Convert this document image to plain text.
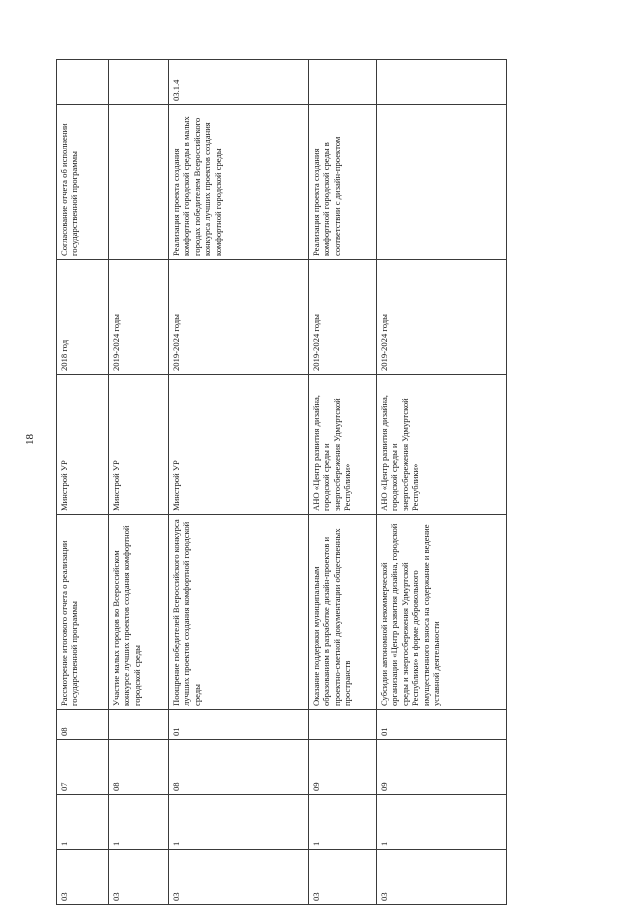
18
03	1	07	08	Рассмотрение итогового отчета о реализации государственной программы	Минстрой УР	2018 год	Согласование отчета об исполнении государственной программы	
03	1	08		Участие малых городов во Всероссийском конкурсе лучших проектов создания комфортной городской среды	Минстрой УР	2019-2024 годы		
03	1	08	01	Поощрение победителей Всероссийского конкурса лучших проектов создания комфортной городской среды	Минстрой УР	2019-2024 годы	Реализация проекта создания комфортной городской среды в малых городах победителем Всероссийского конкурса лучших проектов создания комфортной городской среды	03.1.4
03	1	09		Оказание поддержки муниципальным образованиям в разработке дизайн-проектов и проектно-сметной документации общественных пространств	АНО «Центр развития дизайна, городской среды и энергосбережения Удмуртской Республики»	2019-2024 годы	Реализация проекта создания комфортной городской среды в соответствии с дизайн-проектом	
03	1	09	01	Субсидии автономной некоммерческой организации «Центр развития дизайна, городской среды и энергосбережения Удмуртской Республики» в форме добровольного имущественного взноса на содержание и ведение уставной деятельности	АНО «Центр развития дизайна, городской среды и энергосбережения Удмуртской Республики»	2019-2024 годы		
